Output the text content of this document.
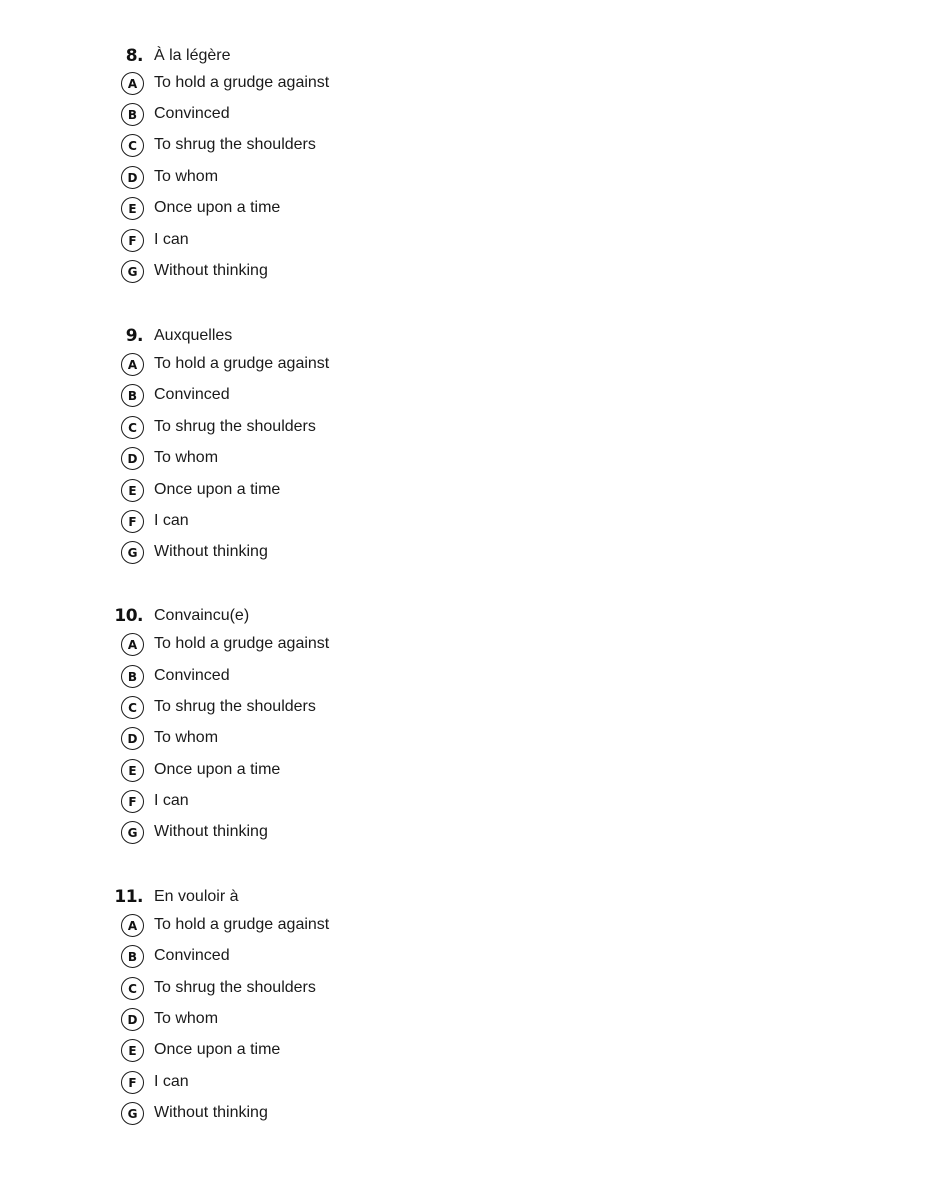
8. À la légère
A	To hold a grudge against
B	Convinced
C	To shrug the shoulders
D	To whom
E	Once upon a time
F	I can
G	Without thinking
9. Auxquelles
A	To hold a grudge against
B	Convinced
C	To shrug the shoulders
D	To whom
E	Once upon a time
F	I can
G	Without thinking
10. Convaincu(e)
A	To hold a grudge against
B	Convinced
C	To shrug the shoulders
D	To whom
E	Once upon a time
F	I can
G	Without thinking
11. En vouloir à
A	To hold a grudge against
B	Convinced
C	To shrug the shoulders
D	To whom
E	Once upon a time
F	I can
G	Without thinking
